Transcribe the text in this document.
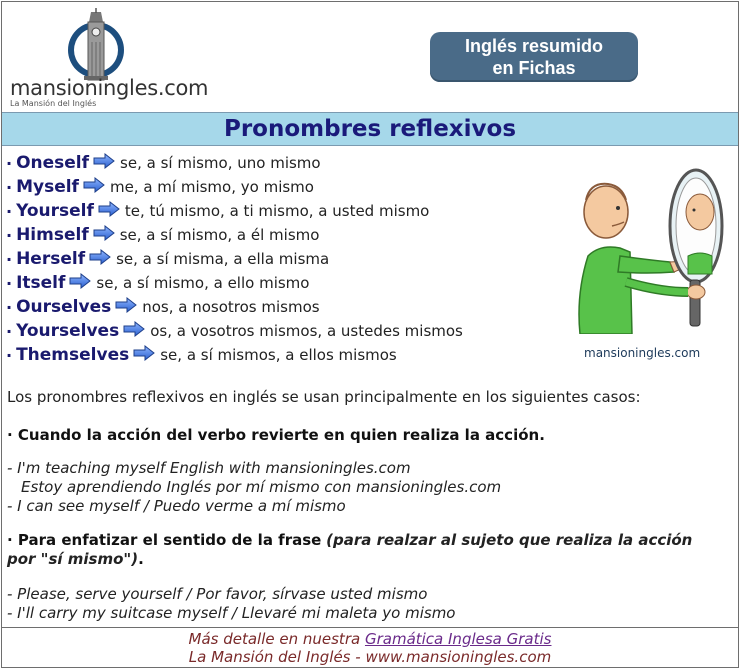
mansioningles.com
La Mansión del Inglés
Inglés resumido
en Fichas
Pronombres reflexivos
· Oneself se, a sí mismo, uno mismo
· Myself me, a mí mismo, yo mismo
· Yourself te, tú mismo, a ti mismo, a usted mismo
· Himself se, a sí mismo, a él mismo
· Herself se, a sí misma, a ella misma
· Itself se, a sí mismo, a ello mismo
· Ourselves nos, a nosotros mismos
· Yourselves os, a vosotros mismos, a ustedes mismos
· Themselves se, a sí mismos, a ellos mismos	mansioningles.com
Los pronombres reflexivos en inglés se usan principalmente en los siguientes casos:
· Cuando la acción del verbo revierte en quien realiza la acción.
- I'm teaching myself English with mansioningles.com
Estoy aprendiendo Inglés por mí mismo con mansioningles.com
- I can see myself / Puedo verme a mí mismo
· Para enfatizar el sentido de la frase (para realzar al sujeto que realiza la acción
por "sí mismo").
- Please, serve yourself / Por favor, sírvase usted mismo
- I'll carry my suitcase myself / Llevaré mi maleta yo mismo
Más detalle en nuestra Gramática Inglesa Gratis
La Mansión del Inglés - www.mansioningles.com
